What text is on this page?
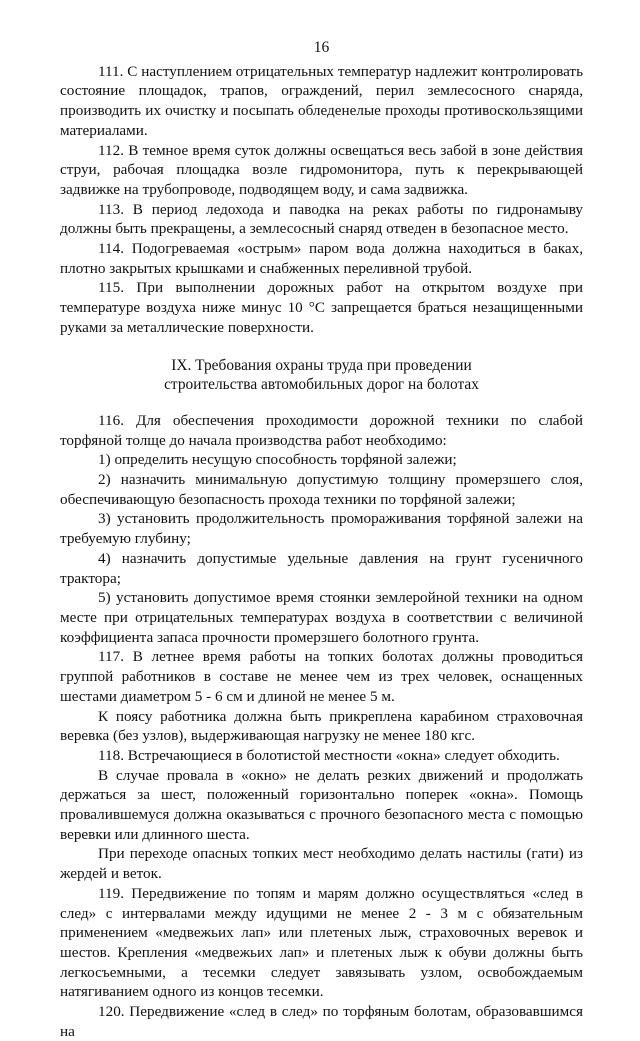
16

111. С наступлением отрицательных температур надлежит контролировать состояние площадок, трапов, ограждений, перил землесосного снаряда, производить их очистку и посыпать обледенелые проходы противоскользящими материалами.

112. В темное время суток должны освещаться весь забой в зоне действия струи, рабочая площадка возле гидромонитора, путь к перекрывающей задвижке на трубопроводе, подводящем воду, и сама задвижка.

113. В период ледохода и паводка на реках работы по гидронамыву должны быть прекращены, а землесосный снаряд отведен в безопасное место.

114. Подогреваемая «острым» паром вода должна находиться в баках, плотно закрытых крышками и снабженных переливной трубой.

115. При выполнении дорожных работ на открытом воздухе при температуре воздуха ниже минус 10 °С запрещается браться незащищенными руками за металлические поверхности.

IX. Требования охраны труда при проведении
строительства автомобильных дорог на болотах

116. Для обеспечения проходимости дорожной техники по слабой торфяной толще до начала производства работ необходимо:

1) определить несущую способность торфяной залежи;

2) назначить минимальную допустимую толщину промерзшего слоя, обеспечивающую безопасность прохода техники по торфяной залежи;

3) установить продолжительность промораживания торфяной залежи на требуемую глубину;

4) назначить допустимые удельные давления на грунт гусеничного трактора;

5) установить допустимое время стоянки землеройной техники на одном месте при отрицательных температурах воздуха в соответствии с величиной коэффициента запаса прочности промерзшего болотного грунта.

117. В летнее время работы на топких болотах должны проводиться группой работников в составе не менее чем из трех человек, оснащенных шестами диаметром 5 - 6 см и длиной не менее 5 м.

К поясу работника должна быть прикреплена карабином страховочная веревка (без узлов), выдерживающая нагрузку не менее 180 кгс.

118. Встречающиеся в болотистой местности «окна» следует обходить.

В случае провала в «окно» не делать резких движений и продолжать держаться за шест, положенный горизонтально поперек «окна». Помощь провалившемуся должна оказываться с прочного безопасного места с помощью веревки или длинного шеста.

При переходе опасных топких мест необходимо делать настилы (гати) из жердей и веток.

119. Передвижение по топям и марям должно осуществляться «след в след» с интервалами между идущими не менее 2 - 3 м с обязательным применением «медвежьих лап» или плетеных лыж, страховочных веревок и шестов. Крепления «медвежьих лап» и плетеных лыж к обуви должны быть легкосъемными, а тесемки следует завязывать узлом, освобождаемым натягиванием одного из концов тесемки.

120. Передвижение «след в след» по торфяным болотам, образовавшимся на
